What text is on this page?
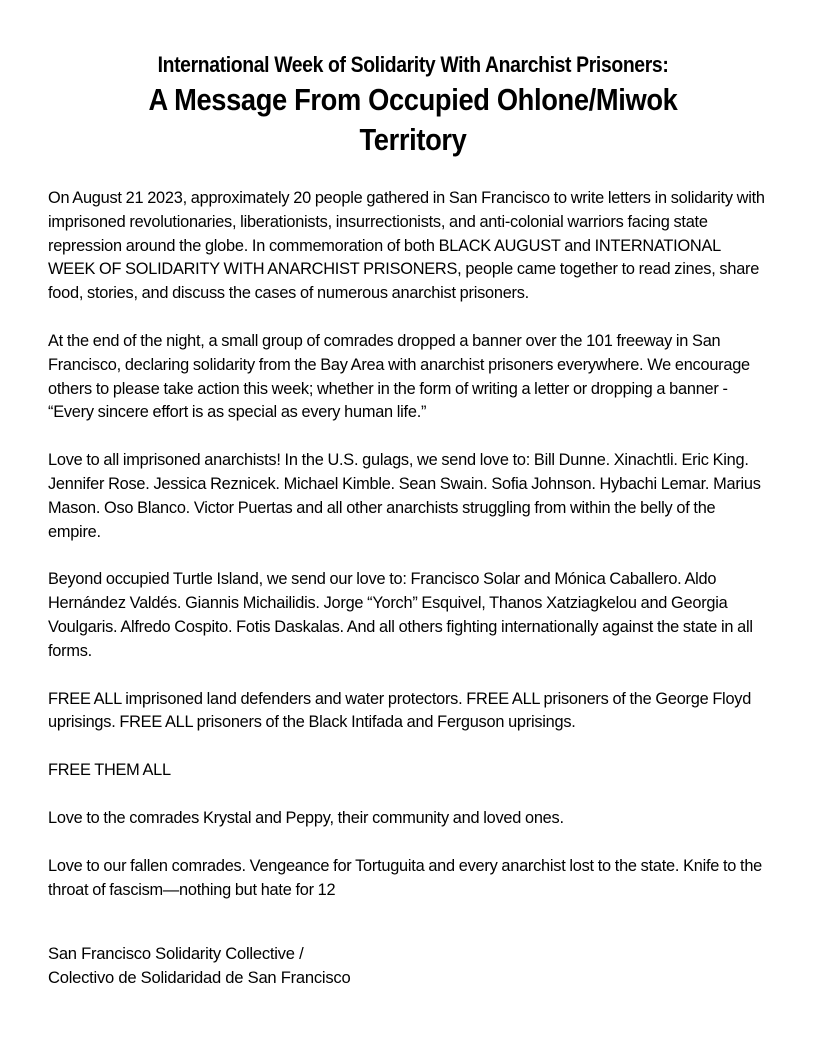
International Week of Solidarity With Anarchist Prisoners:
A Message From Occupied Ohlone/Miwok Territory

On August 21 2023, approximately 20 people gathered in San Francisco to write letters in solidarity with imprisoned revolutionaries, liberationists, insurrectionists, and anti-colonial warriors facing state repression around the globe. In commemoration of both BLACK AUGUST and INTERNATIONAL WEEK OF SOLIDARITY WITH ANARCHIST PRISONERS, people came together to read zines, share food, stories, and discuss the cases of numerous anarchist prisoners.

At the end of the night, a small group of comrades dropped a banner over the 101 freeway in San Francisco, declaring solidarity from the Bay Area with anarchist prisoners everywhere. We encourage others to please take action this week; whether in the form of writing a letter or dropping a banner - “Every sincere effort is as special as every human life.”

Love to all imprisoned anarchists! In the U.S. gulags, we send love to: Bill Dunne. Xinachtli. Eric King. Jennifer Rose. Jessica Reznicek. Michael Kimble. Sean Swain. Sofia Johnson. Hybachi Lemar. Marius Mason. Oso Blanco. Victor Puertas and all other anarchists struggling from within the belly of the empire.

Beyond occupied Turtle Island, we send our love to: Francisco Solar and Mónica Caballero. Aldo Hernández Valdés. Giannis Michailidis. Jorge “Yorch” Esquivel, Thanos Xatziagkelou and Georgia Voulgaris. Alfredo Cospito. Fotis Daskalas. And all others fighting internationally against the state in all forms.

FREE ALL imprisoned land defenders and water protectors. FREE ALL prisoners of the George Floyd uprisings. FREE ALL prisoners of the Black Intifada and Ferguson uprisings.

FREE THEM ALL

Love to the comrades Krystal and Peppy, their community and loved ones.

Love to our fallen comrades. Vengeance for Tortuguita and every anarchist lost to the state. Knife to the throat of fascism—nothing but hate for 12

San Francisco Solidarity Collective /

Colectivo de Solidaridad de San Francisco
